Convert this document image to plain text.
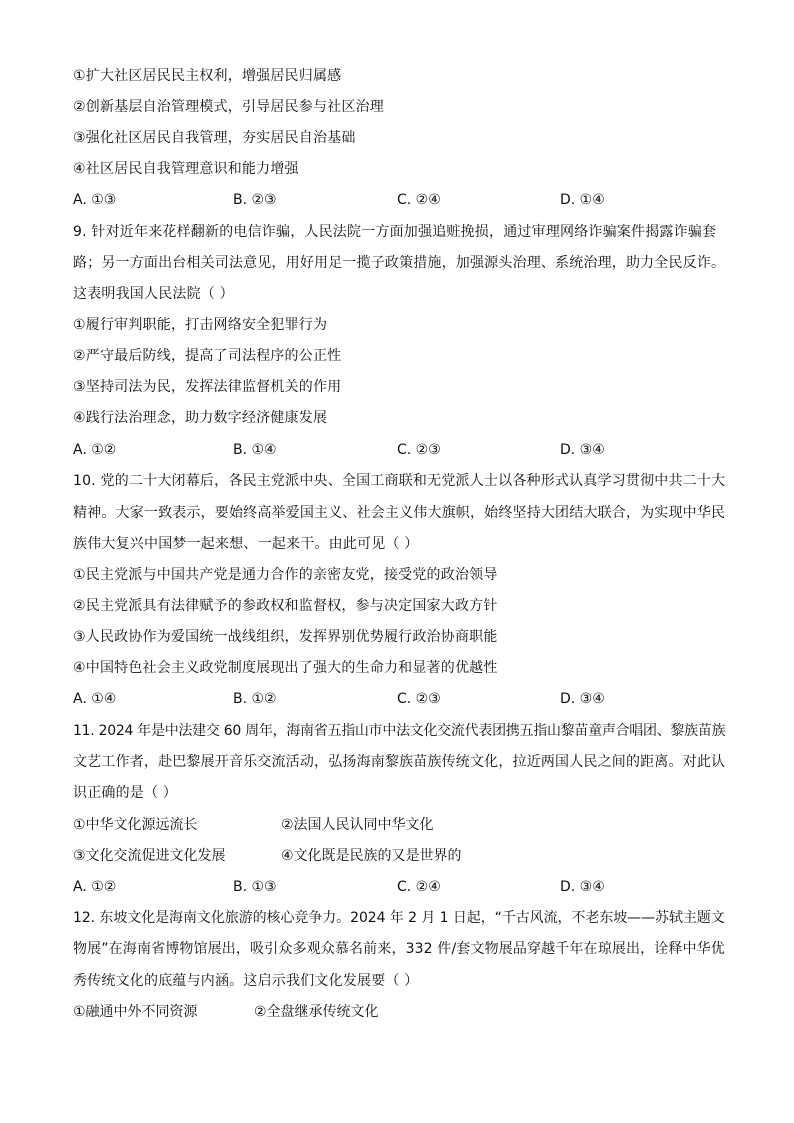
①扩大社区居民民主权利，增强居民归属感
②创新基层自治管理模式，引导居民参与社区治理
③强化社区居民自我管理，夯实居民自治基础
④社区居民自我管理意识和能力增强
A. ①③	B. ②③	C. ②④	D. ①④
9. 针对近年来花样翻新的电信诈骗，人民法院一方面加强追赃挽损，通过审理网络诈骗案件揭露诈骗套
路；另一方面出台相关司法意见，用好用足一揽子政策措施，加强源头治理、系统治理，助力全民反诈。
这表明我国人民法院（ ）
①履行审判职能，打击网络安全犯罪行为
②严守最后防线，提高了司法程序的公正性
③坚持司法为民，发挥法律监督机关的作用
④践行法治理念，助力数字经济健康发展
A. ①②	B. ①④	C. ②③	D. ③④
10. 党的二十大闭幕后，各民主党派中央、全国工商联和无党派人士以各种形式认真学习贯彻中共二十大
精神。大家一致表示，要始终高举爱国主义、社会主义伟大旗帜，始终坚持大团结大联合，为实现中华民
族伟大复兴中国梦一起来想、一起来干。由此可见（ ）
①民主党派与中国共产党是通力合作的亲密友党，接受党的政治领导
②民主党派具有法律赋予的参政权和监督权，参与决定国家大政方针
③人民政协作为爱国统一战线组织，发挥界别优势履行政治协商职能
④中国特色社会主义政党制度展现出了强大的生命力和显著的优越性
A. ①④	B. ①②	C. ②③	D. ③④
11. 2024 年是中法建交 60 周年，海南省五指山市中法文化交流代表团携五指山黎苗童声合唱团、黎族苗族
文艺工作者，赴巴黎展开音乐交流活动，弘扬海南黎族苗族传统文化，拉近两国人民之间的距离。对此认
识正确的是（ ）
①中华文化源远流长	②法国人民认同中华文化
③文化交流促进文化发展	④文化既是民族的又是世界的
A. ①②	B. ①③	C. ②④	D. ③④
12. 东坡文化是海南文化旅游的核心竞争力。2024 年 2 月 1 日起，“千古风流，不老东坡——苏轼主题文
物展”在海南省博物馆展出，吸引众多观众慕名前来，332 件/套文物展品穿越千年在琼展出，诠释中华优
秀传统文化的底蕴与内涵。这启示我们文化发展要（ ）
①融通中外不同资源	②全盘继承传统文化
